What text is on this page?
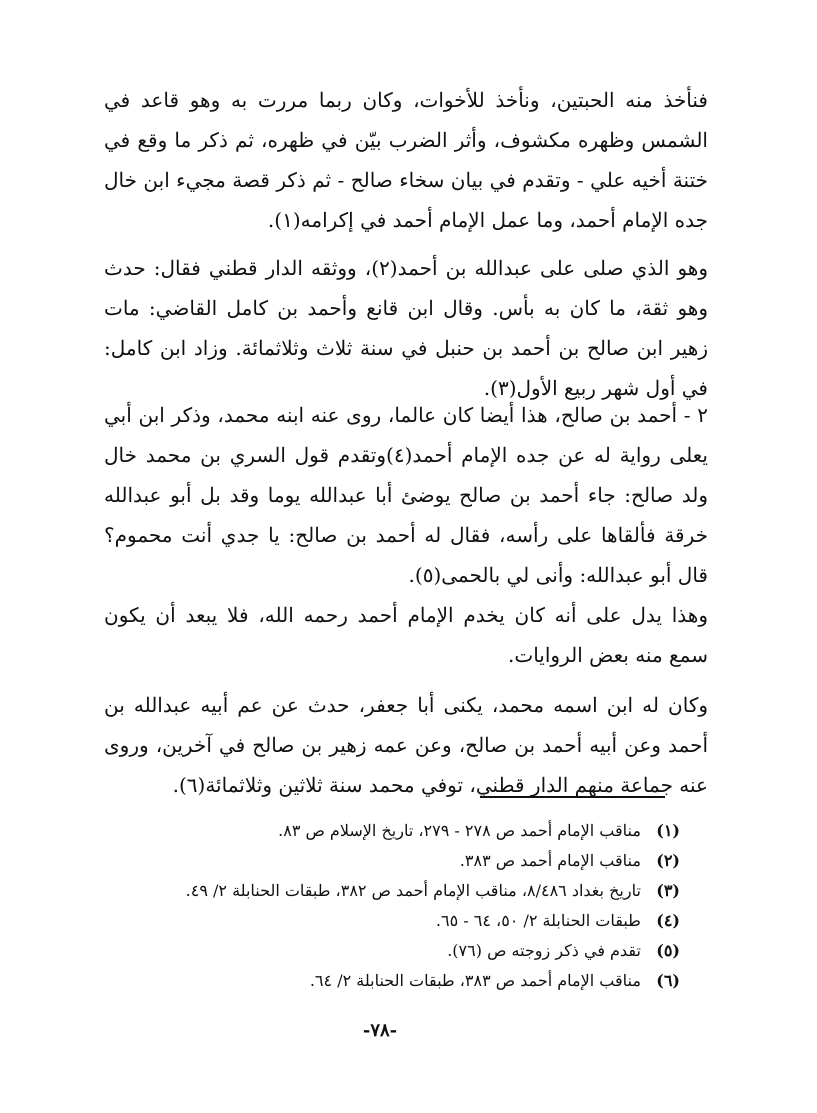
فنأخذ منه الحبتين، ونأخذ للأخوات، وكان ربما مررت به وهو قاعد في الشمس وظهره مكشوف، وأثر الضرب بيّن في ظهره، ثم ذكر ما وقع في ختنة أخيه علي - وتقدم في بيان سخاء صالح - ثم ذكر قصة مجيء ابن خال جده الإمام أحمد، وما عمل الإمام أحمد في إكرامه(١).

وهو الذي صلى على عبدالله بن أحمد(٢)، ووثقه الدار قطني فقال: حدث وهو ثقة، ما كان به بأس. وقال ابن قانع وأحمد بن كامل القاضي: مات زهير ابن صالح بن أحمد بن حنبل في سنة ثلاث وثلاثمائة. وزاد ابن كامل: في أول شهر ربيع الأول(٣).

٢ - أحمد بن صالح، هذا أيضا كان عالما، روى عنه ابنه محمد، وذكر ابن أبي يعلى رواية له عن جده الإمام أحمد(٤)وتقدم قول السري بن محمد خال ولد صالح: جاء أحمد بن صالح يوضئ أبا عبدالله يوما وقد بل أبو عبدالله خرقة فألقاها على رأسه، فقال له أحمد بن صالح: يا جدي أنت محموم؟ قال أبو عبدالله: وأنى لي بالحمى(٥).

وهذا يدل على أنه كان يخدم الإمام أحمد رحمه الله، فلا يبعد أن يكون سمع منه بعض الروايات.

وكان له ابن اسمه محمد، يكنى أبا جعفر، حدث عن عم أبيه عبدالله بن أحمد وعن أبيه أحمد بن صالح، وعن عمه زهير بن صالح في آخرين، وروى عنه جماعة منهم الدار قطني، توفي محمد سنة ثلاثين وثلاثمائة(٦).

(١) مناقب الإمام أحمد ص ٢٧٨ - ٢٧٩، تاريخ الإسلام ص ٨٣.
(٢) مناقب الإمام أحمد ص ٣٨٣.
(٣) تاريخ بغداد ٨/٤٨٦، مناقب الإمام أحمد ص ٣٨٢، طبقات الحنابلة ٢/ ٤٩.
(٤) طبقات الحنابلة ٢/ ٥٠، ٦٤ - ٦٥.
(٥) تقدم في ذكر زوجته ص (٧٦).
(٦) مناقب الإمام أحمد ص ٣٨٣، طبقات الحنابلة ٢/ ٦٤.
-٧٨-
